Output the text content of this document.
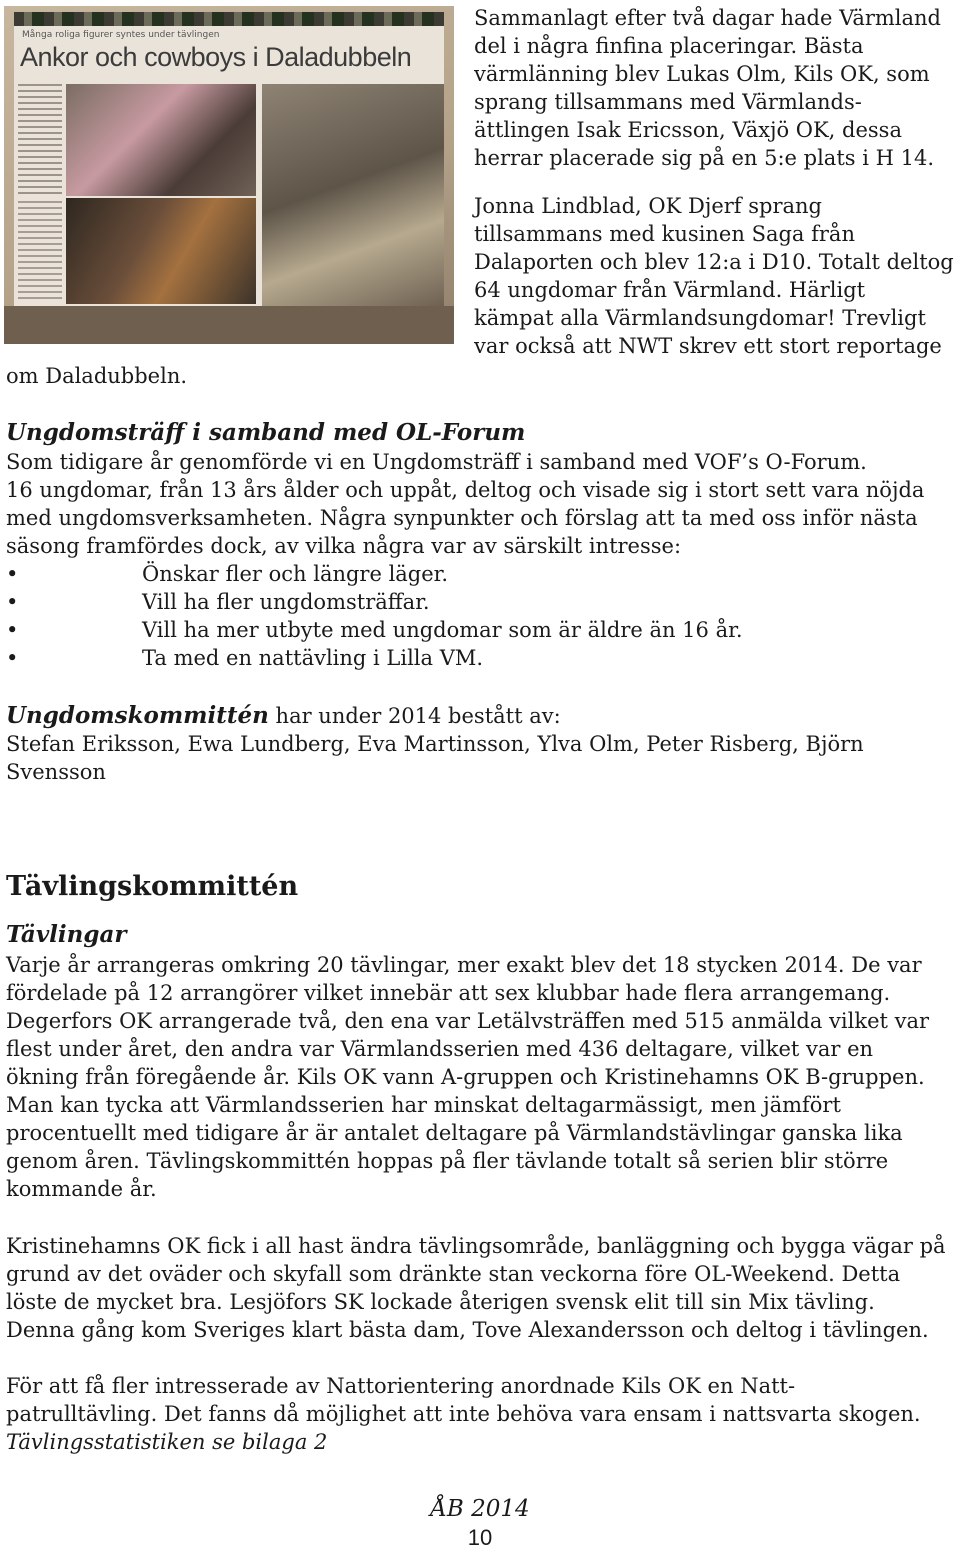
Många roliga figurer syntes under tävlingen
Ankor och cowboys i Daladubbeln

Sammanlagt efter två dagar hade Värmland

del i några finfina placeringar. Bästa

värmlänning blev Lukas Olm, Kils OK, som

sprang tillsammans med Värmlands-

ättlingen Isak Ericsson, Växjö OK, dessa

herrar placerade sig på en 5:e plats i H 14.

Jonna Lindblad, OK Djerf sprang

tillsammans med kusinen Saga från

Dalaporten och blev 12:a i D10. Totalt deltog

64 ungdomar från Värmland. Härligt

kämpat alla Värmlandsungdomar! Trevligt

var också att NWT skrev ett stort reportage

om Daladubbeln.

Ungdomsträff i samband med OL-Forum

Som tidigare år genomförde vi en Ungdomsträff i samband med VOF’s O-Forum.

16 ungdomar, från 13 års ålder och uppåt, deltog och visade sig i stort sett vara nöjda

med ungdomsverksamheten. Några synpunkter och förslag att ta med oss inför nästa

säsong framfördes dock, av vilka några var av särskilt intresse:

•	Önskar fler och längre läger.

•	Vill ha fler ungdomsträffar.

•	Vill ha mer utbyte med ungdomar som är äldre än 16 år.

•	Ta med en nattävling i Lilla VM.

Ungdomskommittén har under 2014 bestått av:

Stefan Eriksson, Ewa Lundberg, Eva Martinsson, Ylva Olm, Peter Risberg, Björn

Svensson

Tävlingskommittén

Tävlingar

Varje år arrangeras omkring 20 tävlingar, mer exakt blev det 18 stycken 2014. De var

fördelade på 12 arrangörer vilket innebär att sex klubbar hade flera arrangemang.

Degerfors OK arrangerade två, den ena var Letälvsträffen med 515 anmälda vilket var

flest under året, den andra var Värmlandsserien med 436 deltagare, vilket var en

ökning från föregående år. Kils OK vann A-gruppen och Kristinehamns OK B-gruppen.

Man kan tycka att Värmlandsserien har minskat deltagarmässigt, men jämfört

procentuellt med tidigare år är antalet deltagare på Värmlandstävlingar ganska lika

genom åren. Tävlingskommittén hoppas på fler tävlande totalt så serien blir större

kommande år.

Kristinehamns OK fick i all hast ändra tävlingsområde, banläggning och bygga vägar på

grund av det oväder och skyfall som dränkte stan veckorna före OL-Weekend. Detta

löste de mycket bra. Lesjöfors SK lockade återigen svensk elit till sin Mix tävling.

Denna gång kom Sveriges klart bästa dam, Tove Alexandersson och deltog i tävlingen.

För att få fler intresserade av Nattorientering anordnade Kils OK en Natt-

patrulltävling. Det fanns då möjlighet att inte behöva vara ensam i nattsvarta skogen.

Tävlingsstatistiken se bilaga 2

ÅB 2014
10
